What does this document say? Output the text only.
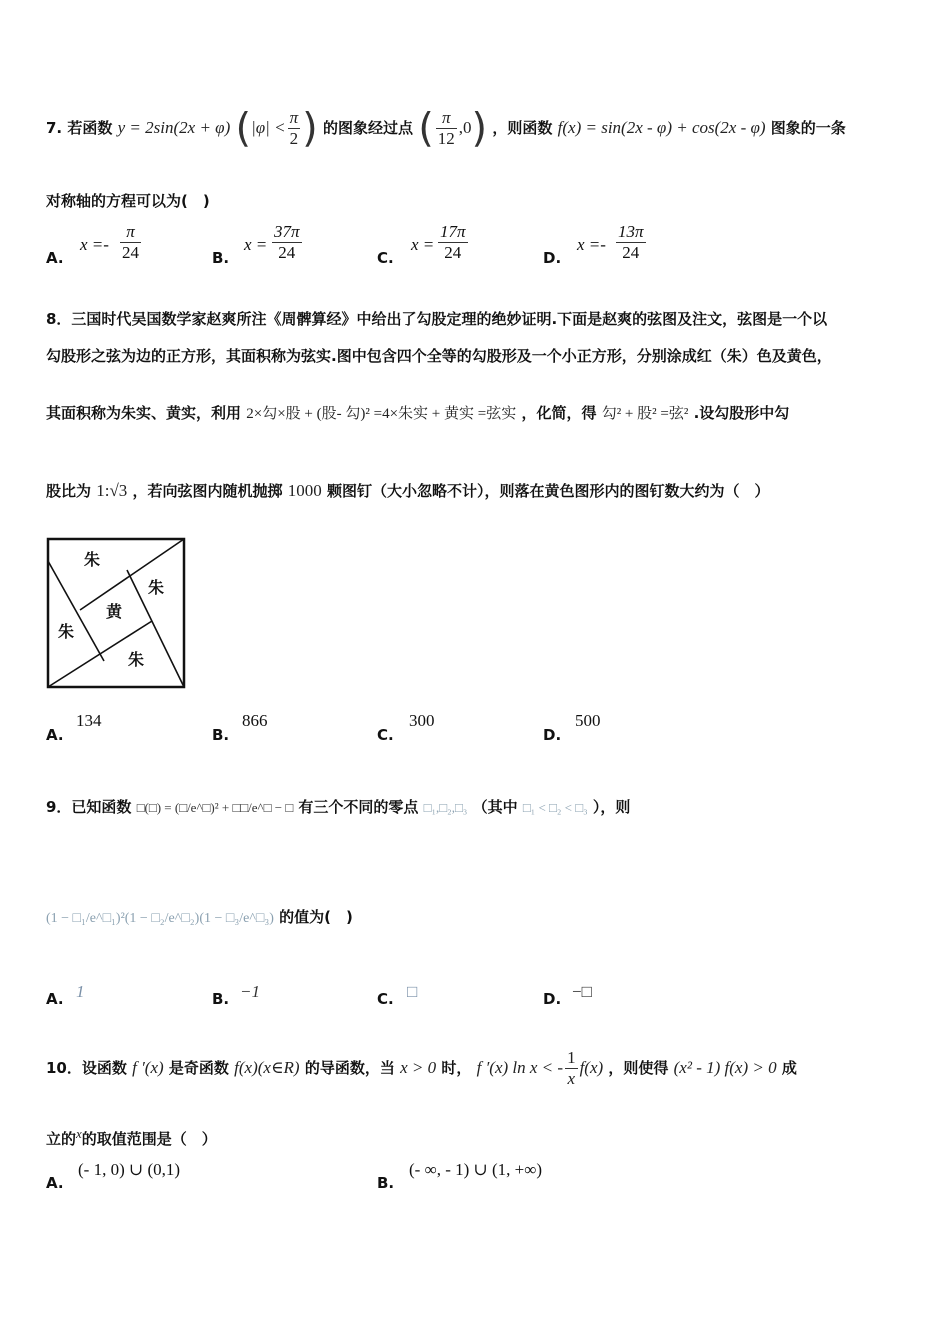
7. 若函数 y = 2sin(2x + φ) ($|\varphi| < \frac{\pi}{2}$ ) 的图象经过点 ( $\frac{\pi}{12} ,0$) ，则函数 f(x) = sin(2x - φ) + cos(2x - φ) 图象的一条
对称轴的方程可以为(　)
A.
$x =- \frac{\pi}{24}$	B.
$x = \frac{37\pi}{24}$	C.
$x = \frac{17\pi}{24}$	D.
$x =- \frac{13\pi}{24}$
8．三国时代吴国数学家赵爽所注《周髀算经》中给出了勾股定理的绝妙证明.下面是赵爽的弦图及注文，弦图是一个以
勾股形之弦为边的正方形，其面积称为弦实.图中包含四个全等的勾股形及一个小正方形，分别涂成红（朱）色及黄色，
其面积称为朱实、黄实，利用 2×勾×股 + (股- 勾)² =4×朱实 + 黄实 =弦实 ，化简，得 勾² + 股² =弦² .设勾股形中勾
股比为 1:√3 ，若向弦图内随机抛掷 1000 颗图钉（大小忽略不计），则落在黄色图形内的图钉数大约为（　）
朱
朱
黄
朱
朱
A.
134
B.
866
C.
300
D.
500
9．已知函数 □(□) = (□/e^□)² + □□/e^□ − □ 有三个不同的零点 □₁,□₂,□₃ （其中 □₁ < □₂ < □₃ ），则
(1 − □₁/e^□₁)²(1 − □₂/e^□₂)(1 − □₃/e^□₃) 的值为(　)
A. 1	B. −1	C. □	D. −□
10．设函数 f ′(x) 是奇函数 f(x)(x∈R) 的导函数，当 x > 0 时， f ′(x) ln x < - $\frac{1}{x} f(x)$ ，则使得 (x² - 1) f(x) > 0 成
立的$^x$的取值范围是（　）
A.
(- 1, 0) ∪ (0,1)
B.
(- ∞, - 1) ∪ (1, +∞)
